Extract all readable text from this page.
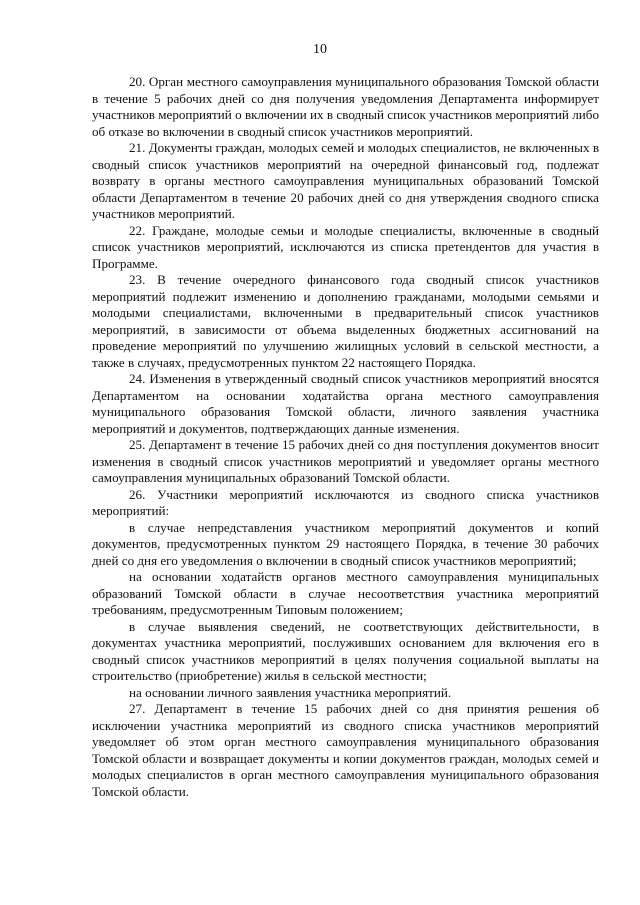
10

20. Орган местного самоуправления муниципального образования Томской области в течение 5 рабочих дней со дня получения уведомления Департамента информирует участников мероприятий о включении их в сводный список участников мероприятий либо об отказе во включении в сводный список участников мероприятий.

21. Документы граждан, молодых семей и молодых специалистов, не включенных в сводный список участников мероприятий на очередной финансовый год, подлежат возврату в органы местного самоуправления муниципальных образований Томской области Департаментом в течение 20 рабочих дней со дня утверждения сводного списка участников мероприятий.

22. Граждане, молодые семьи и молодые специалисты, включенные в сводный список участников мероприятий, исключаются из списка претендентов для участия в Программе.

23. В течение очередного финансового года сводный список участников мероприятий подлежит изменению и дополнению гражданами, молодыми семьями и молодыми специалистами, включенными в предварительный список участников мероприятий, в зависимости от объема выделенных бюджетных ассигнований на проведение мероприятий по улучшению жилищных условий в сельской местности, а также в случаях, предусмотренных пунктом 22 настоящего Порядка.

24. Изменения в утвержденный сводный список участников мероприятий вносятся Департаментом на основании ходатайства органа местного самоуправления муниципального образования Томской области, личного заявления участника мероприятий и документов, подтверждающих данные изменения.

25. Департамент в течение 15 рабочих дней со дня поступления документов вносит изменения в сводный список участников мероприятий и уведомляет органы местного самоуправления муниципальных образований Томской области.

26. Участники мероприятий исключаются из сводного списка участников мероприятий:

в случае непредставления участником мероприятий документов и копий документов, предусмотренных пунктом 29 настоящего Порядка, в течение 30 рабочих дней со дня его уведомления о включении в сводный список участников мероприятий;

на основании ходатайств органов местного самоуправления муниципальных образований Томской области в случае несоответствия участника мероприятий требованиям, предусмотренным Типовым положением;

в случае выявления сведений, не соответствующих действительности, в документах участника мероприятий, послуживших основанием для включения его в сводный список участников мероприятий в целях получения социальной выплаты на строительство (приобретение) жилья в сельской местности;

на основании личного заявления участника мероприятий.

27. Департамент в течение 15 рабочих дней со дня принятия решения об исключении участника мероприятий из сводного списка участников мероприятий уведомляет об этом орган местного самоуправления муниципального образования Томской области и возвращает документы и копии документов граждан, молодых семей и молодых специалистов в орган местного самоуправления муниципального образования Томской области.
